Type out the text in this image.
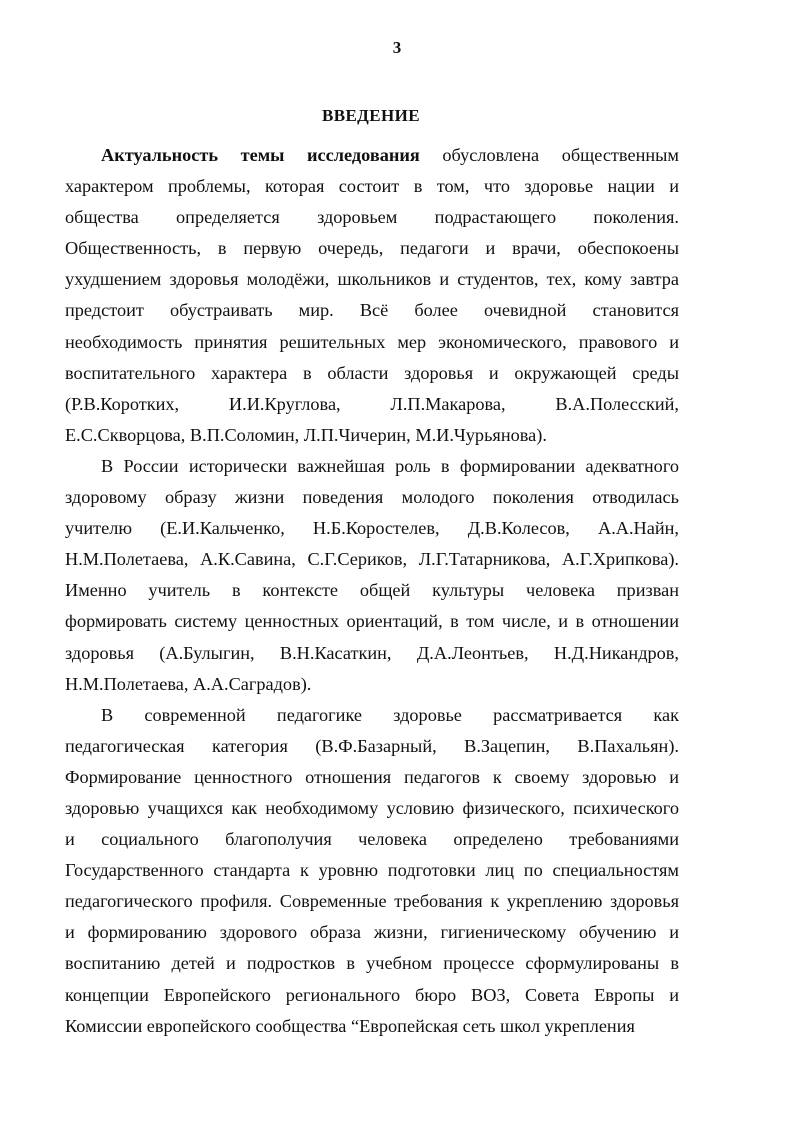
3
ВВЕДЕНИЕ
Актуальность темы исследования обусловлена общественным
характером проблемы, которая состоит в том, что здоровье нации и
общества определяется здоровьем подрастающего поколения.
Общественность, в первую очередь, педагоги и врачи, обеспокоены
ухудшением здоровья молодёжи, школьников и студентов, тех, кому завтра
предстоит обустраивать мир. Всё более очевидной становится
необходимость принятия решительных мер экономического, правового и
воспитательного характера в области здоровья и окружающей среды
(Р.В.Коротких, И.И.Круглова, Л.П.Макарова, В.А.Полесский,
Е.С.Скворцова, В.П.Соломин, Л.П.Чичерин, М.И.Чурьянова).
В России исторически важнейшая роль в формировании адекватного
здоровому образу жизни поведения молодого поколения отводилась
учителю (Е.И.Кальченко, Н.Б.Коростелев, Д.В.Колесов, А.А.Найн,
Н.М.Полетаева, А.К.Савина, С.Г.Сериков, Л.Г.Татарникова, А.Г.Хрипкова).
Именно учитель в контексте общей культуры человека призван
формировать систему ценностных ориентаций, в том числе, и в отношении
здоровья (А.Булыгин, В.Н.Касаткин, Д.А.Леонтьев, Н.Д.Никандров,
Н.М.Полетаева, А.А.Саградов).
В современной педагогике здоровье рассматривается как
педагогическая категория (В.Ф.Базарный, В.Зацепин, В.Пахальян).
Формирование ценностного отношения педагогов к своему здоровью и
здоровью учащихся как необходимому условию физического, психического
и социального благополучия человека определено требованиями
Государственного стандарта к уровню подготовки лиц по специальностям
педагогического профиля. Современные требования к укреплению здоровья
и формированию здорового образа жизни, гигиеническому обучению и
воспитанию детей и подростков в учебном процессе сформулированы в
концепции Европейского регионального бюро ВОЗ, Совета Европы и
Комиссии европейского сообщества “Европейская сеть школ укрепления
